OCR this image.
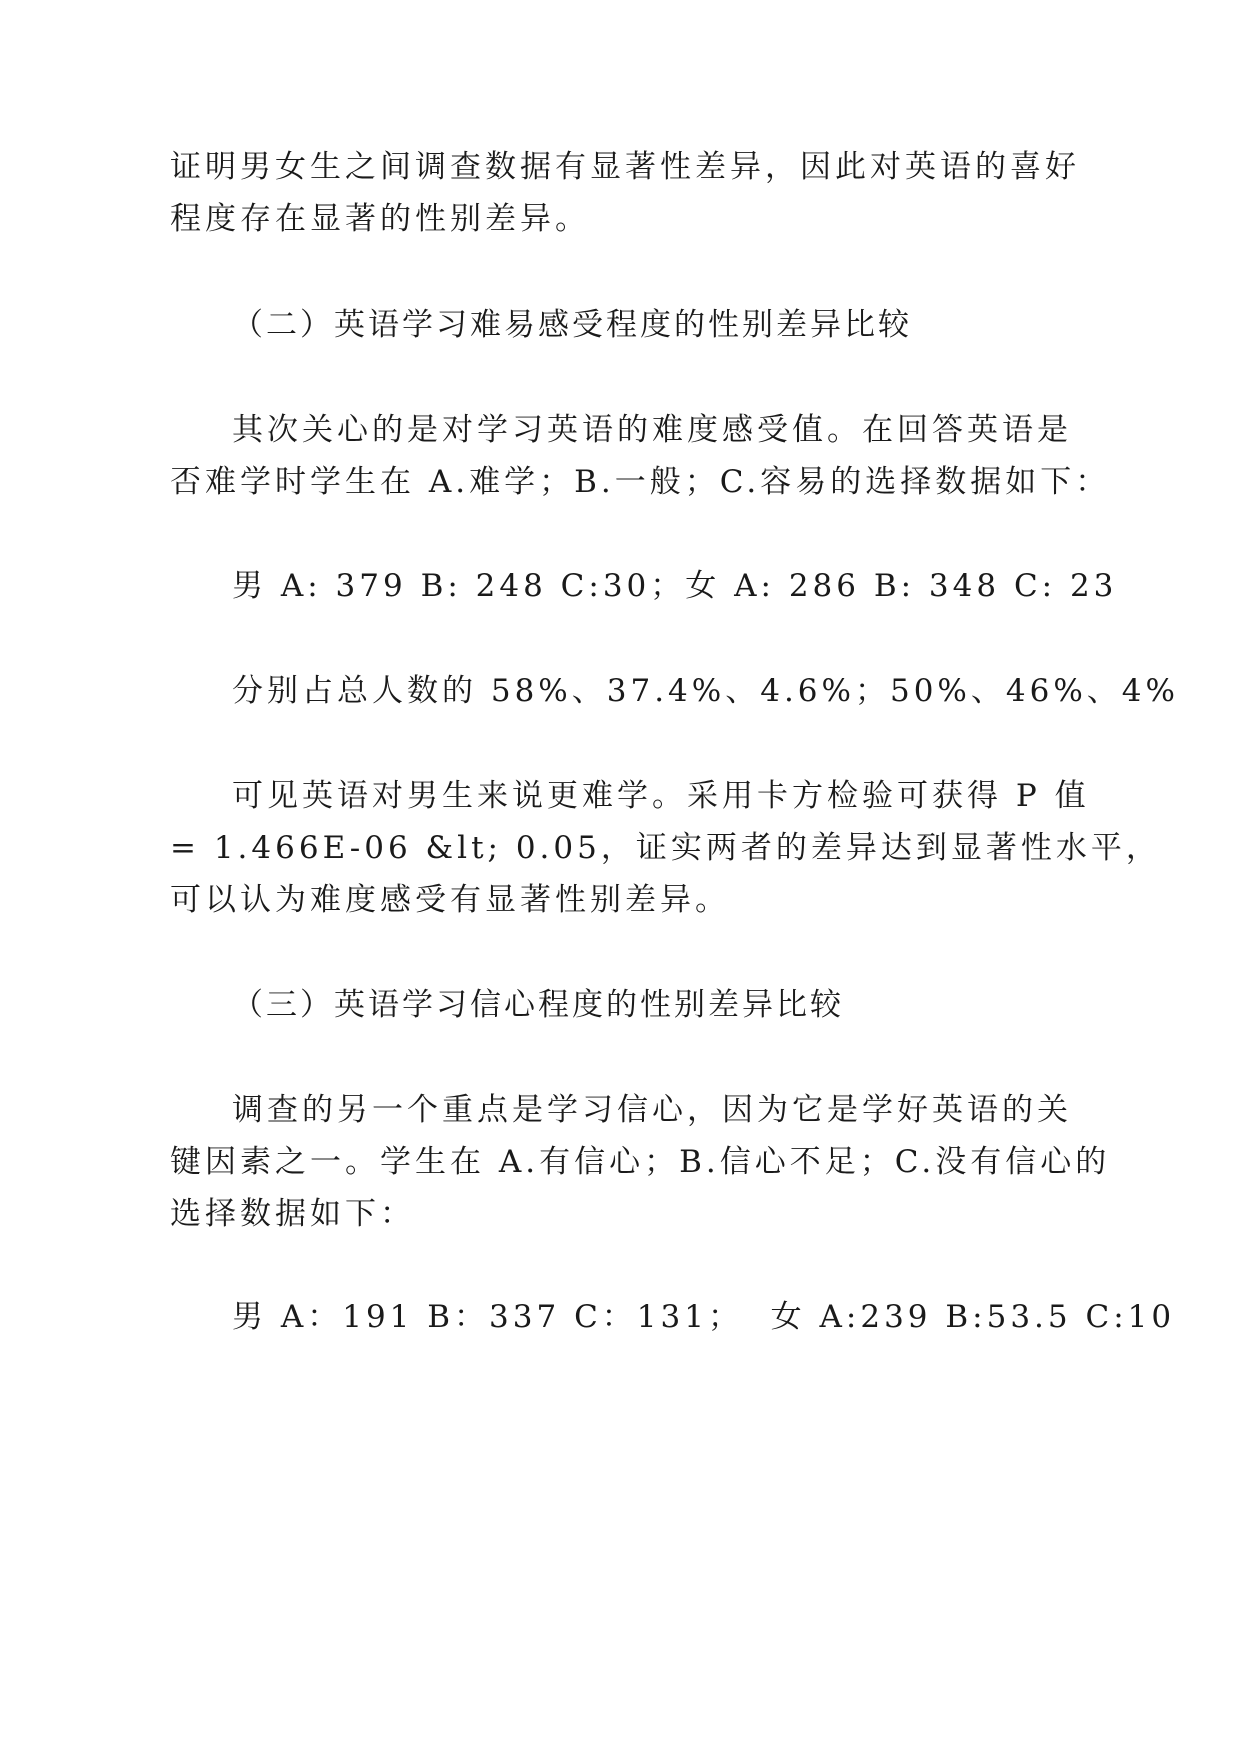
证明男女生之间调查数据有显著性差异，因此对英语的喜好
程度存在显著的性别差异。
（二）英语学习难易感受程度的性别差异比较
其次关心的是对学习英语的难度感受值。在回答英语是
否难学时学生在 A.难学；B.一般；C.容易的选择数据如下：
男 A: 379 B: 248 C:30；女 A: 286 B: 348 C: 23
分别占总人数的 58%、37.4%、4.6%；50%、46%、4%
可见英语对男生来说更难学。采用卡方检验可获得 P 值
= 1.466E-06 &lt; 0.05，证实两者的差异达到显著性水平，
可以认为难度感受有显著性别差异。
（三）英语学习信心程度的性别差异比较
调查的另一个重点是学习信心，因为它是学好英语的关
键因素之一。学生在 A.有信心；B.信心不足；C.没有信心的
选择数据如下：
男 A：191 B：337 C：131；  女 A:239 B:53.5 C:10
